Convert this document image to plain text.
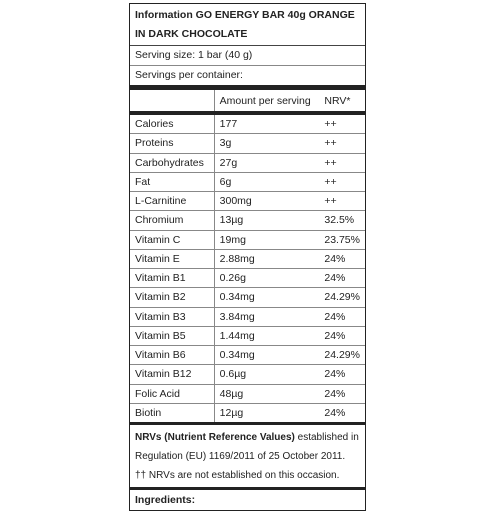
Information GO ENERGY BAR 40g ORANGE IN DARK CHOCOLATE
Serving size: 1 bar (40 g)
Servings per container:
	Amount per serving	NRV*
Calories	177	++
Proteins	3g	++
Carbohydrates	27g	++
Fat	6g	++
L-Carnitine	300mg	++
Chromium	13µg	32.5%
Vitamin C	19mg	23.75%
Vitamin E	2.88mg	24%
Vitamin B1	0.26g	24%
Vitamin B2	0.34mg	24.29%
Vitamin B3	3.84mg	24%
Vitamin B5	1.44mg	24%
Vitamin B6	0.34mg	24.29%
Vitamin B12	0.6µg	24%
Folic Acid	48µg	24%
Biotin	12µg	24%
NRVs (Nutrient Reference Values) established in Regulation (EU) 1169/2011 of 25 October 2011.
†† NRVs are not established on this occasion.
Ingredients:
